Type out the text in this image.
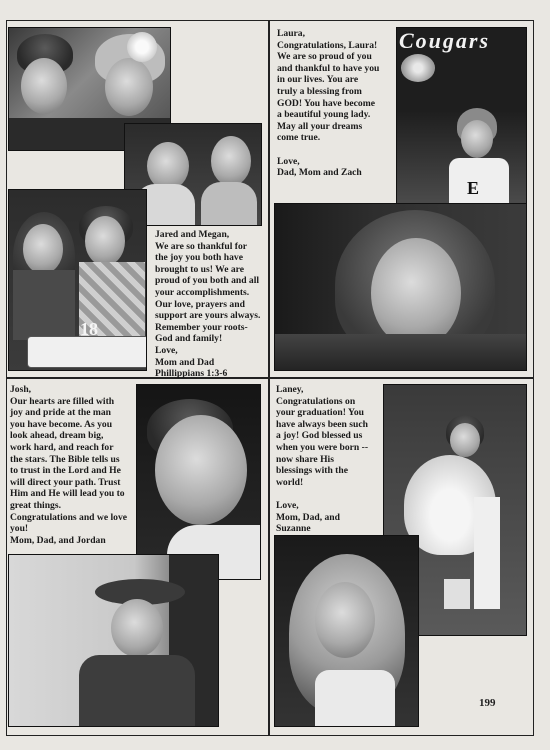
18
Jared and Megan,
We are so thankful for
the joy you both have
brought to us! We are
proud of you both and all
your accomplishments.
Our love, prayers and
support are yours always.
Remember your roots-
God and family!
Love,
Mom and Dad
Phillippians 1:3-6
Laura,
Congratulations, Laura!
We are so proud of you
and thankful to have you
in our lives. You are
truly a blessing from
GOD! You have become
a beautiful young lady.
May all your dreams
come true.

Love,
Dad, Mom and Zach
Cougars
E
Josh,
Our hearts are filled with
joy and pride at the man
you have become. As you
look ahead, dream big,
work hard, and reach for
the stars. The Bible tells us
to trust in the Lord and He
will direct your path. Trust
Him and He will lead you to
great things.
Congratulations and we love
you!
Mom, Dad, and Jordan
Laney,
Congratulations on
your graduation! You
have always been such
a joy! God blessed us
when you were born --
now share His
blessings with the
world!

Love,
Mom, Dad, and
Suzanne
199
